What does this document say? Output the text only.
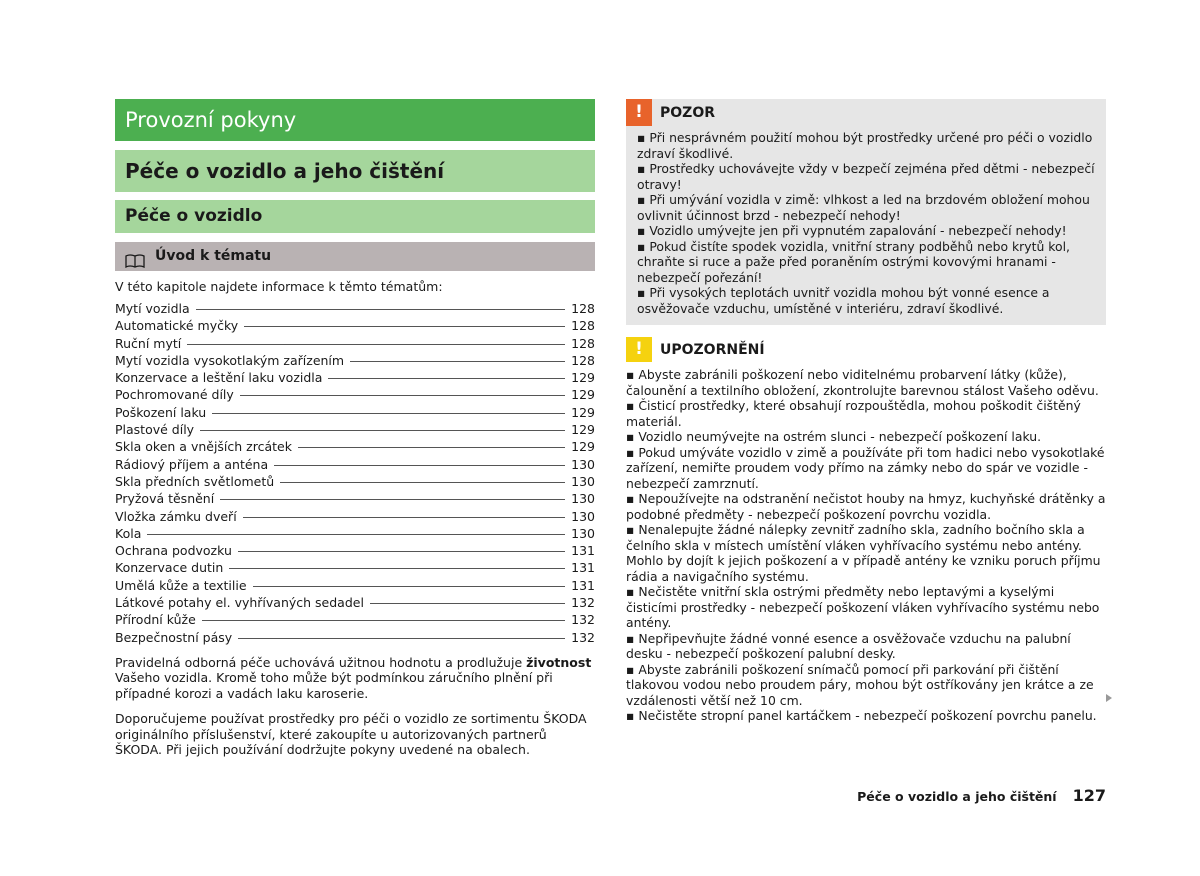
Provozní pokyny
Péče o vozidlo a jeho čištění
Péče o vozidlo
Úvod k tématu
V této kapitole najdete informace k těmto tématům:
Mytí vozidla	128
Automatické myčky	128
Ruční mytí	128
Mytí vozidla vysokotlakým zařízením	128
Konzervace a leštění laku vozidla	129
Pochromované díly	129
Poškození laku	129
Plastové díly	129
Skla oken a vnějších zrcátek	129
Rádiový příjem a anténa	130
Skla předních světlometů	130
Pryžová těsnění	130
Vložka zámku dveří	130
Kola	130
Ochrana podvozku	131
Konzervace dutin	131
Umělá kůže a textilie	131
Látkové potahy el. vyhřívaných sedadel	132
Přírodní kůže	132
Bezpečnostní pásy	132
Pravidelná odborná péče uchovává užitnou hodnotu a prodlužuje životnost Vašeho vozidla. Kromě toho může být podmínkou záručního plnění při případné korozi a vadách laku karoserie.
Doporučujeme používat prostředky pro péči o vozidlo ze sortimentu ŠKODA originálního příslušenství, které zakoupíte u autorizovaných partnerů ŠKODA. Při jejich používání dodržujte pokyny uvedené na obalech.
!	POZOR
▪ Při nesprávném použití mohou být prostředky určené pro péči o vozidlo zdraví škodlivé.
▪ Prostředky uchovávejte vždy v bezpečí zejména před dětmi - nebezpečí otravy!
▪ Při umývání vozidla v zimě: vlhkost a led na brzdovém obložení mohou ovlivnit účinnost brzd - nebezpečí nehody!
▪ Vozidlo umývejte jen při vypnutém zapalování - nebezpečí nehody!
▪ Pokud čistíte spodek vozidla, vnitřní strany podběhů nebo krytů kol, chraňte si ruce a paže před poraněním ostrými kovovými hranami - nebezpečí pořezání!
▪ Při vysokých teplotách uvnitř vozidla mohou být vonné esence a osvěžovače vzduchu, umístěné v interiéru, zdraví škodlivé.
!	UPOZORNĚNÍ
▪ Abyste zabránili poškození nebo viditelnému probarvení látky (kůže), čalounění a textilního obložení, zkontrolujte barevnou stálost Vašeho oděvu.
▪ Čisticí prostředky, které obsahují rozpouštědla, mohou poškodit čištěný materiál.
▪ Vozidlo neumývejte na ostrém slunci - nebezpečí poškození laku.
▪ Pokud umýváte vozidlo v zimě a používáte při tom hadici nebo vysokotlaké zařízení, nemiřte proudem vody přímo na zámky nebo do spár ve vozidle - nebezpečí zamrznutí.
▪ Nepoužívejte na odstranění nečistot houby na hmyz, kuchyňské drátěnky a podobné předměty - nebezpečí poškození povrchu vozidla.
▪ Nenalepujte žádné nálepky zevnitř zadního skla, zadního bočního skla a čelního skla v místech umístění vláken vyhřívacího systému nebo antény. Mohlo by dojít k jejich poškození a v případě antény ke vzniku poruch příjmu rádia a navigačního systému.
▪ Nečistěte vnitřní skla ostrými předměty nebo leptavými a kyselými čisticími prostředky - nebezpečí poškození vláken vyhřívacího systému nebo antény.
▪ Nepřipevňujte žádné vonné esence a osvěžovače vzduchu na palubní desku - nebezpečí poškození palubní desky.
▪ Abyste zabránili poškození snímačů pomocí při parkování při čištění tlakovou vodou nebo proudem páry, mohou být ostříkovány jen krátce a ze vzdálenosti větší než 10 cm.
▪ Nečistěte stropní panel kartáčkem - nebezpečí poškození povrchu panelu.
Péče o vozidlo a jeho čištění 127
